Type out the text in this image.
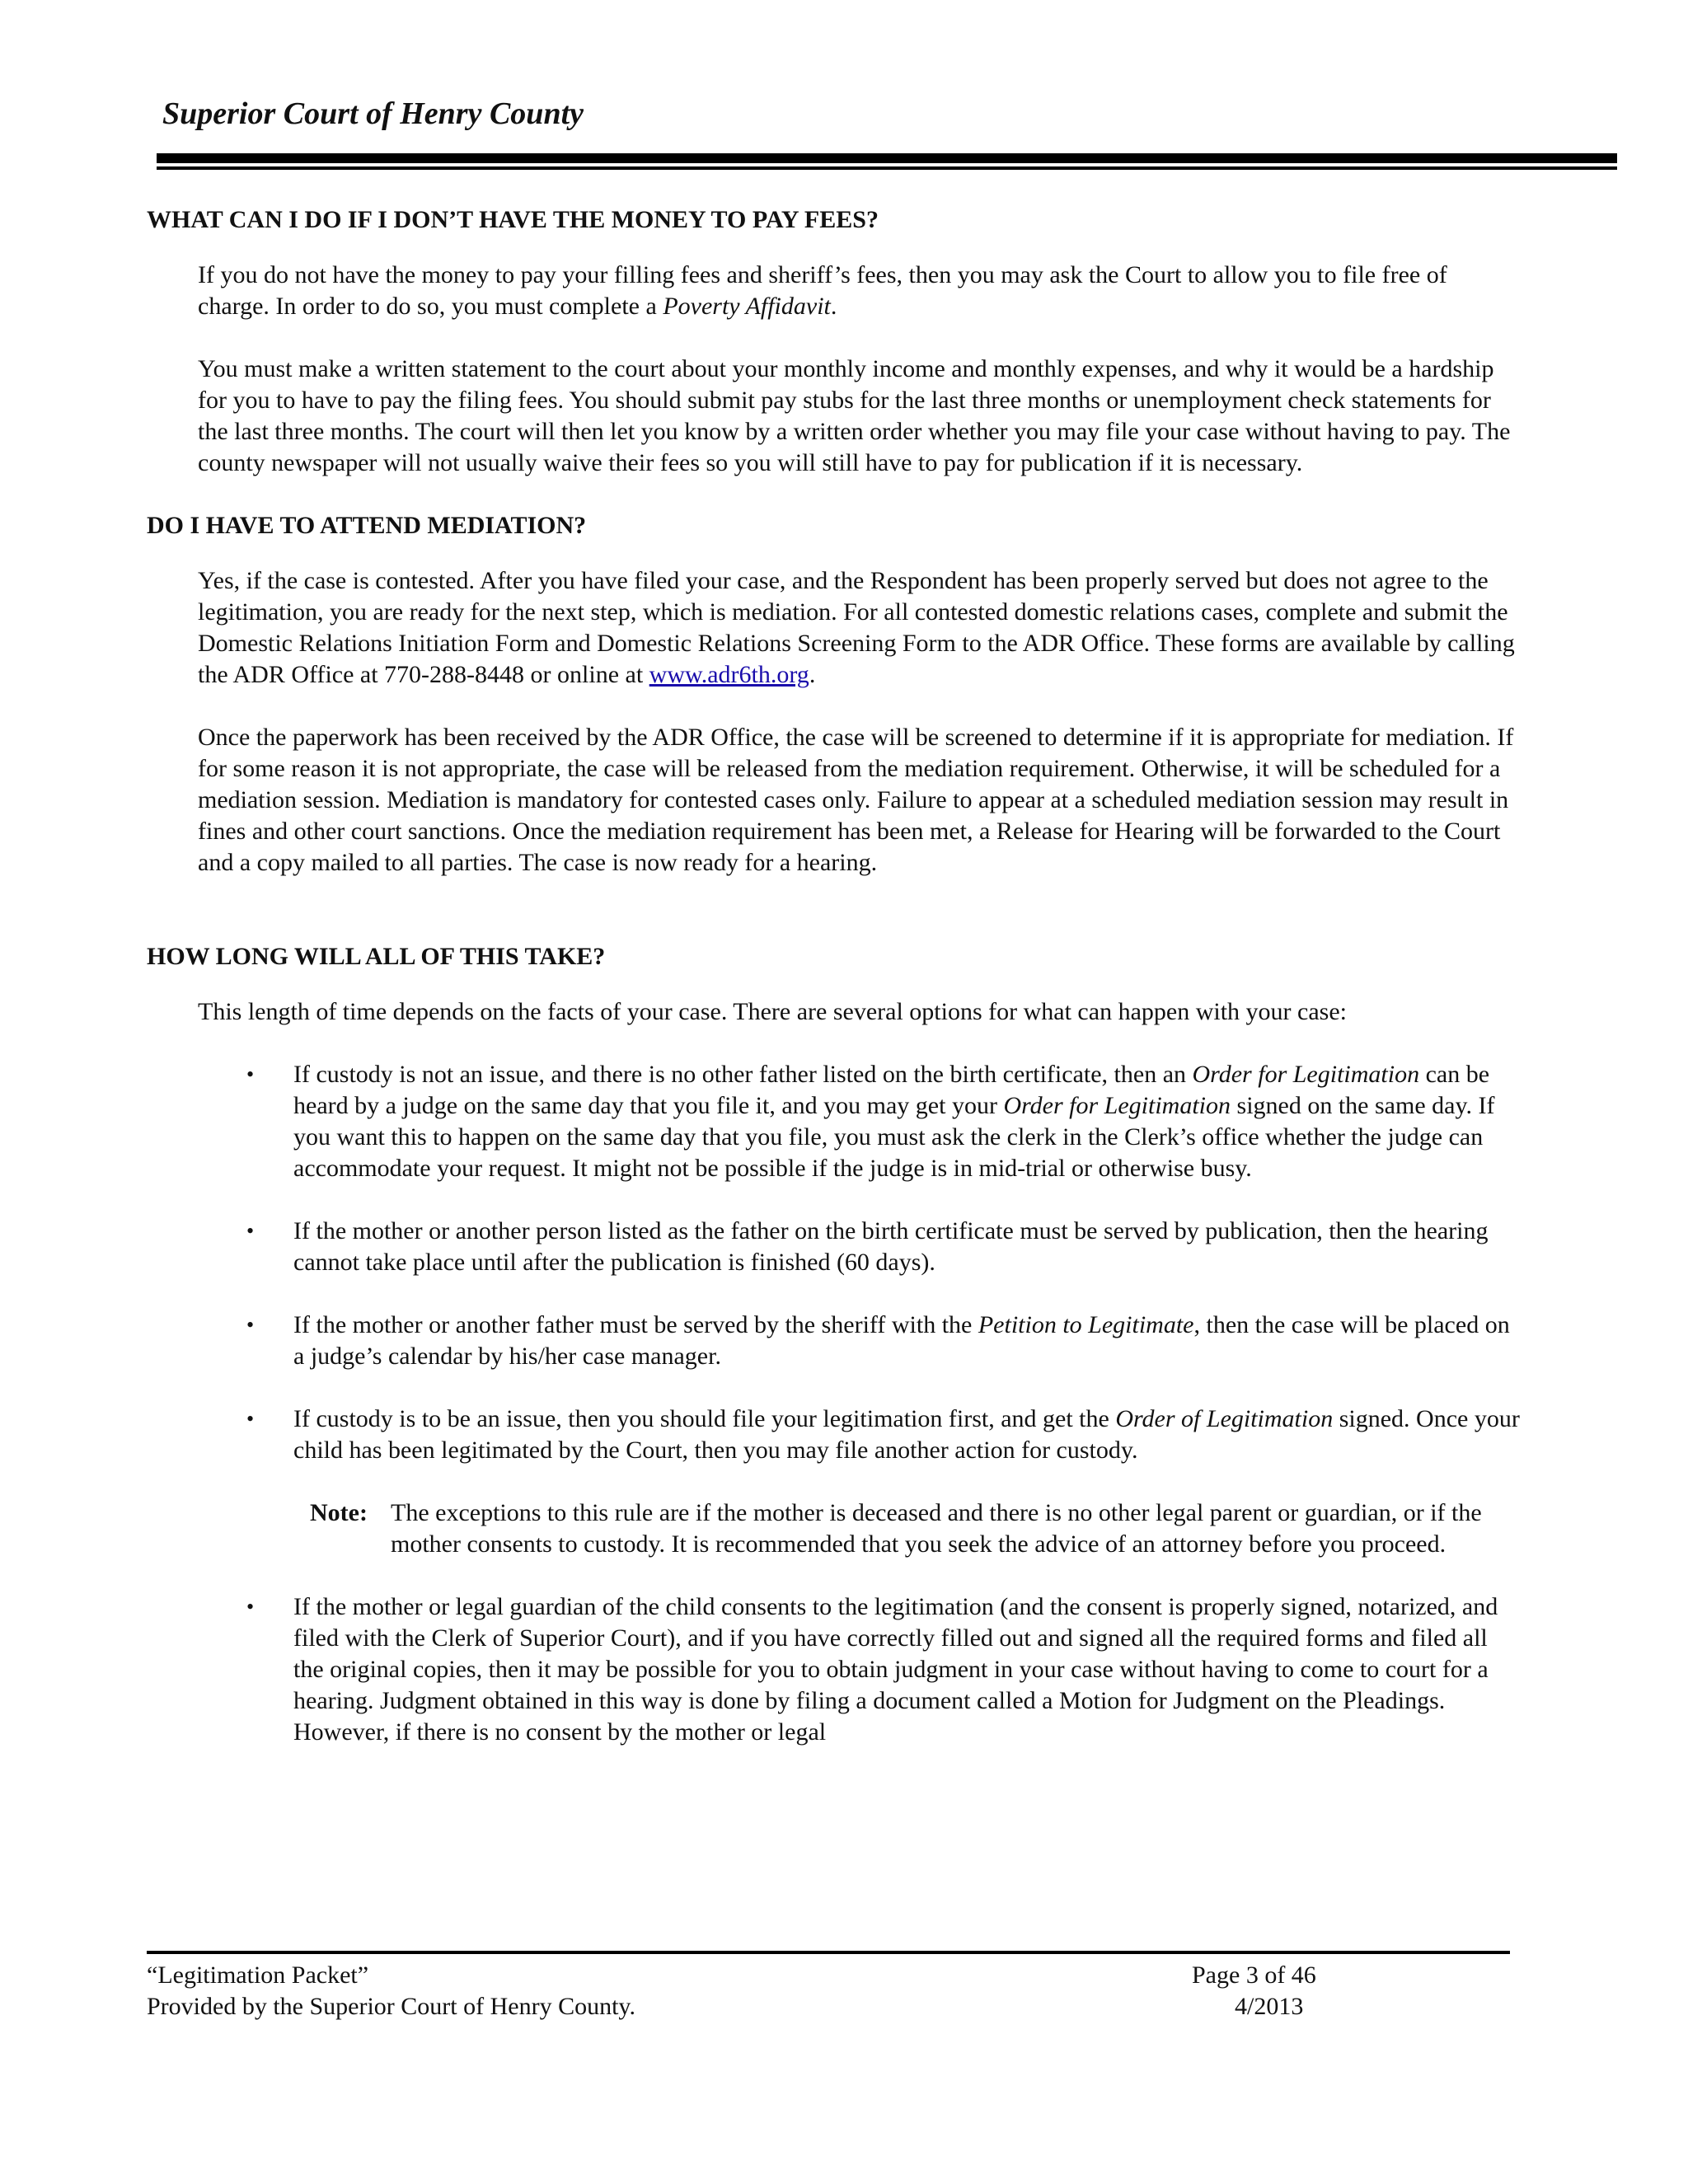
Superior Court of Henry County
WHAT CAN I DO IF I DON’T HAVE THE MONEY TO PAY FEES?

If you do not have the money to pay your filling fees and sheriff’s fees, then you may ask the Court to allow you to file free of charge. In order to do so, you must complete a Poverty Affidavit.

You must make a written statement to the court about your monthly income and monthly expenses, and why it would be a hardship for you to have to pay the filing fees. You should submit pay stubs for the last three months or unemployment check statements for the last three months. The court will then let you know by a written order whether you may file your case without having to pay. The county newspaper will not usually waive their fees so you will still have to pay for publication if it is necessary.

DO I HAVE TO ATTEND MEDIATION?

Yes, if the case is contested. After you have filed your case, and the Respondent has been properly served but does not agree to the legitimation, you are ready for the next step, which is mediation. For all contested domestic relations cases, complete and submit the Domestic Relations Initiation Form and Domestic Relations Screening Form to the ADR Office. These forms are available by calling the ADR Office at 770-288-8448 or online at www.adr6th.org.

Once the paperwork has been received by the ADR Office, the case will be screened to determine if it is appropriate for mediation. If for some reason it is not appropriate, the case will be released from the mediation requirement. Otherwise, it will be scheduled for a mediation session. Mediation is mandatory for contested cases only. Failure to appear at a scheduled mediation session may result in fines and other court sanctions. Once the mediation requirement has been met, a Release for Hearing will be forwarded to the Court and a copy mailed to all parties. The case is now ready for a hearing.

HOW LONG WILL ALL OF THIS TAKE?

This length of time depends on the facts of your case. There are several options for what can happen with your case:

• If custody is not an issue, and there is no other father listed on the birth certificate, then an Order for Legitimation can be heard by a judge on the same day that you file it, and you may get your Order for Legitimation signed on the same day. If you want this to happen on the same day that you file, you must ask the clerk in the Clerk’s office whether the judge can accommodate your request. It might not be possible if the judge is in mid-trial or otherwise busy.
• If the mother or another person listed as the father on the birth certificate must be served by publication, then the hearing cannot take place until after the publication is finished (60 days).
• If the mother or another father must be served by the sheriff with the Petition to Legitimate, then the case will be placed on a judge’s calendar by his/her case manager.
• If custody is to be an issue, then you should file your legitimation first, and get the Order of Legitimation signed. Once your child has been legitimated by the Court, then you may file another action for custody.
Note: The exceptions to this rule are if the mother is deceased and there is no other legal parent or guardian, or if the mother consents to custody. It is recommended that you seek the advice of an attorney before you proceed.
• If the mother or legal guardian of the child consents to the legitimation (and the consent is properly signed, notarized, and filed with the Clerk of Superior Court), and if you have correctly filled out and signed all the required forms and filed all the original copies, then it may be possible for you to obtain judgment in your case without having to come to court for a hearing. Judgment obtained in this way is done by filing a document called a Motion for Judgment on the Pleadings. However, if there is no consent by the mother or legal
“Legitimation Packet”
Provided by the Superior Court of Henry County.
Page 3 of 46
4/2013
